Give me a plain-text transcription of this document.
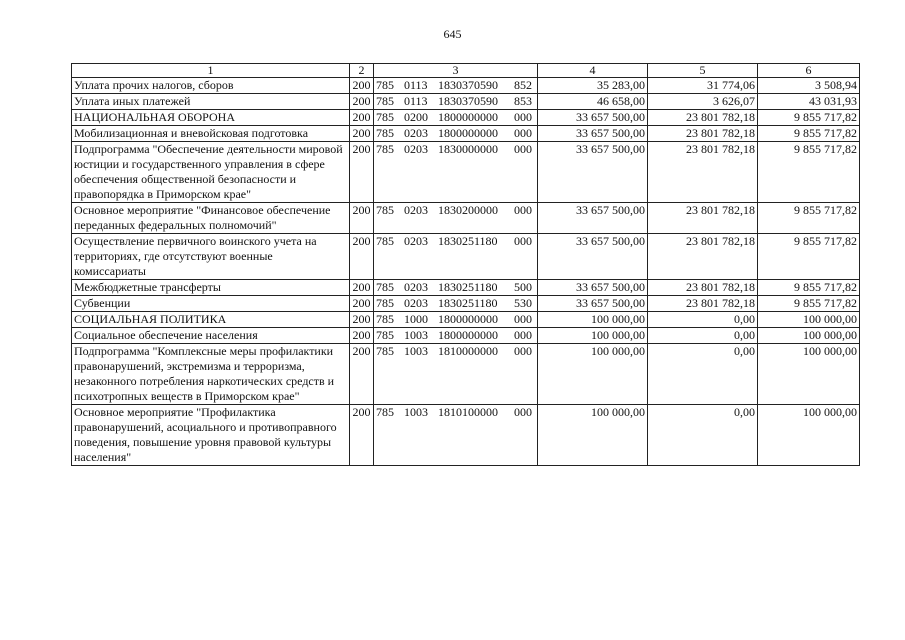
645
1	2	3	4	5	6

Уплата прочих налогов, сборов	200	785 0113 1830370590 852	35 283,00	31 774,06	3 508,94

Уплата иных платежей	200	785 0113 1830370590 853	46 658,00	3 626,07	43 031,93

НАЦИОНАЛЬНАЯ ОБОРОНА	200	785 0200 1800000000 000	33 657 500,00	23 801 782,18	9 855 717,82

Мобилизационная и вневойсковая подготовка	200	785 0203 1800000000 000	33 657 500,00	23 801 782,18	9 855 717,82

Подпрограмма "Обеспечение деятельности мировой юстиции и государственного управления в сфере обеспечения общественной безопасности и правопорядка в Приморском крае"	200	785 0203 1830000000 000	33 657 500,00	23 801 782,18	9 855 717,82

Основное мероприятие "Финансовое обеспечение переданных федеральных полномочий"	200	785 0203 1830200000 000	33 657 500,00	23 801 782,18	9 855 717,82

Осуществление первичного воинского учета на территориях, где отсутствуют военные комиссариаты	200	785 0203 1830251180 000	33 657 500,00	23 801 782,18	9 855 717,82

Межбюджетные трансферты	200	785 0203 1830251180 500	33 657 500,00	23 801 782,18	9 855 717,82

Субвенции	200	785 0203 1830251180 530	33 657 500,00	23 801 782,18	9 855 717,82

СОЦИАЛЬНАЯ ПОЛИТИКА	200	785 1000 1800000000 000	100 000,00	0,00	100 000,00

Социальное обеспечение населения	200	785 1003 1800000000 000	100 000,00	0,00	100 000,00

Подпрограмма "Комплексные меры профилактики правонарушений, экстремизма и терроризма, незаконного потребления наркотических средств и психотропных веществ в Приморском крае"	200	785 1003 1810000000 000	100 000,00	0,00	100 000,00

Основное мероприятие "Профилактика правонарушений, асоциального и противоправного поведения, повышение уровня правовой культуры населения"	200	785 1003 1810100000 000	100 000,00	0,00	100 000,00
